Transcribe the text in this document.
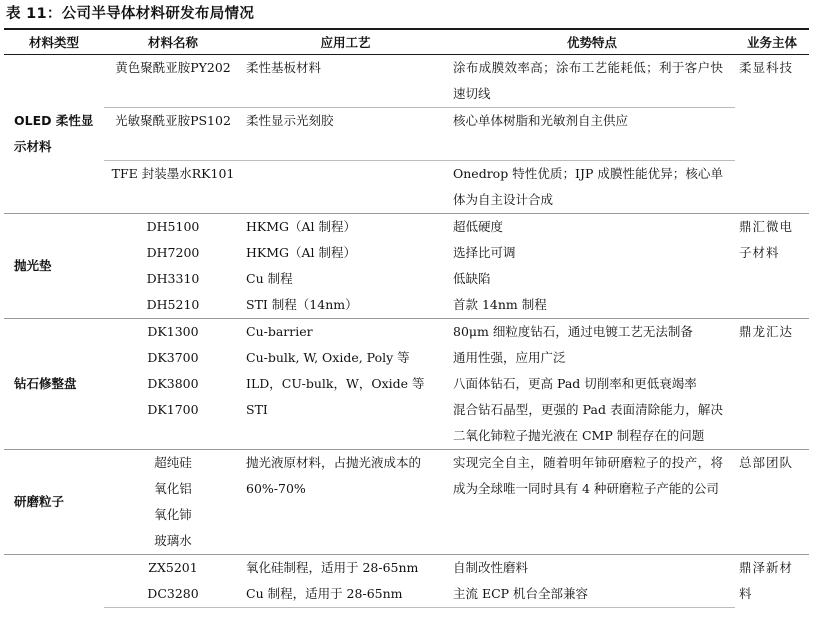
表 11：公司半导体材料研发布局情况
材料类型	材料名称	应用工艺	优势特点	业务主体
OLED 柔性显示材料	黄色聚酰亚胺PY202	柔性基板材料	涂布成膜效率高；涂布工艺能耗低；利于客户快速切线	柔显科技
	光敏聚酰亚胺PS102	柔性显示光刻胶	核心单体树脂和光敏剂自主供应	
	TFE 封装墨水RK101		Onedrop 特性优质；IJP 成膜性能优异；核心单体为自主设计合成	
抛光垫	DH5100	HKMG（Al 制程）	超低硬度	鼎汇微电子材料
	DH7200	HKMG（Al 制程）	选择比可调	
	DH3310	Cu 制程	低缺陷	
	DH5210	STI 制程（14nm）	首款 14nm 制程	
钻石修整盘	DK1300	Cu-barrier	80μm 细粒度钻石，通过电镀工艺无法制备	鼎龙汇达
	DK3700	Cu-bulk, W, Oxide, Poly 等	通用性强，应用广泛	
	DK3800	ILD，CU-bulk，W，Oxide 等	八面体钻石，更高 Pad 切削率和更低衰竭率	
	DK1700	STI	混合钻石晶型，更强的 Pad 表面清除能力，解决二氧化铈粒子抛光液在 CMP 制程存在的问题	
研磨粒子	超纯硅	抛光液原材料，占抛光液成本的 60%-70%	实现完全自主，随着明年铈研磨粒子的投产，将成为全球唯一同时具有 4 种研磨粒子产能的公司	总部团队
	氧化铝			
	氧化铈			
	玻璃水			
	ZX5201	氧化硅制程，适用于 28-65nm	自制改性磨料	鼎泽新材料
	DC3280	Cu 制程，适用于 28-65nm	主流 ECP 机台全部兼容	
